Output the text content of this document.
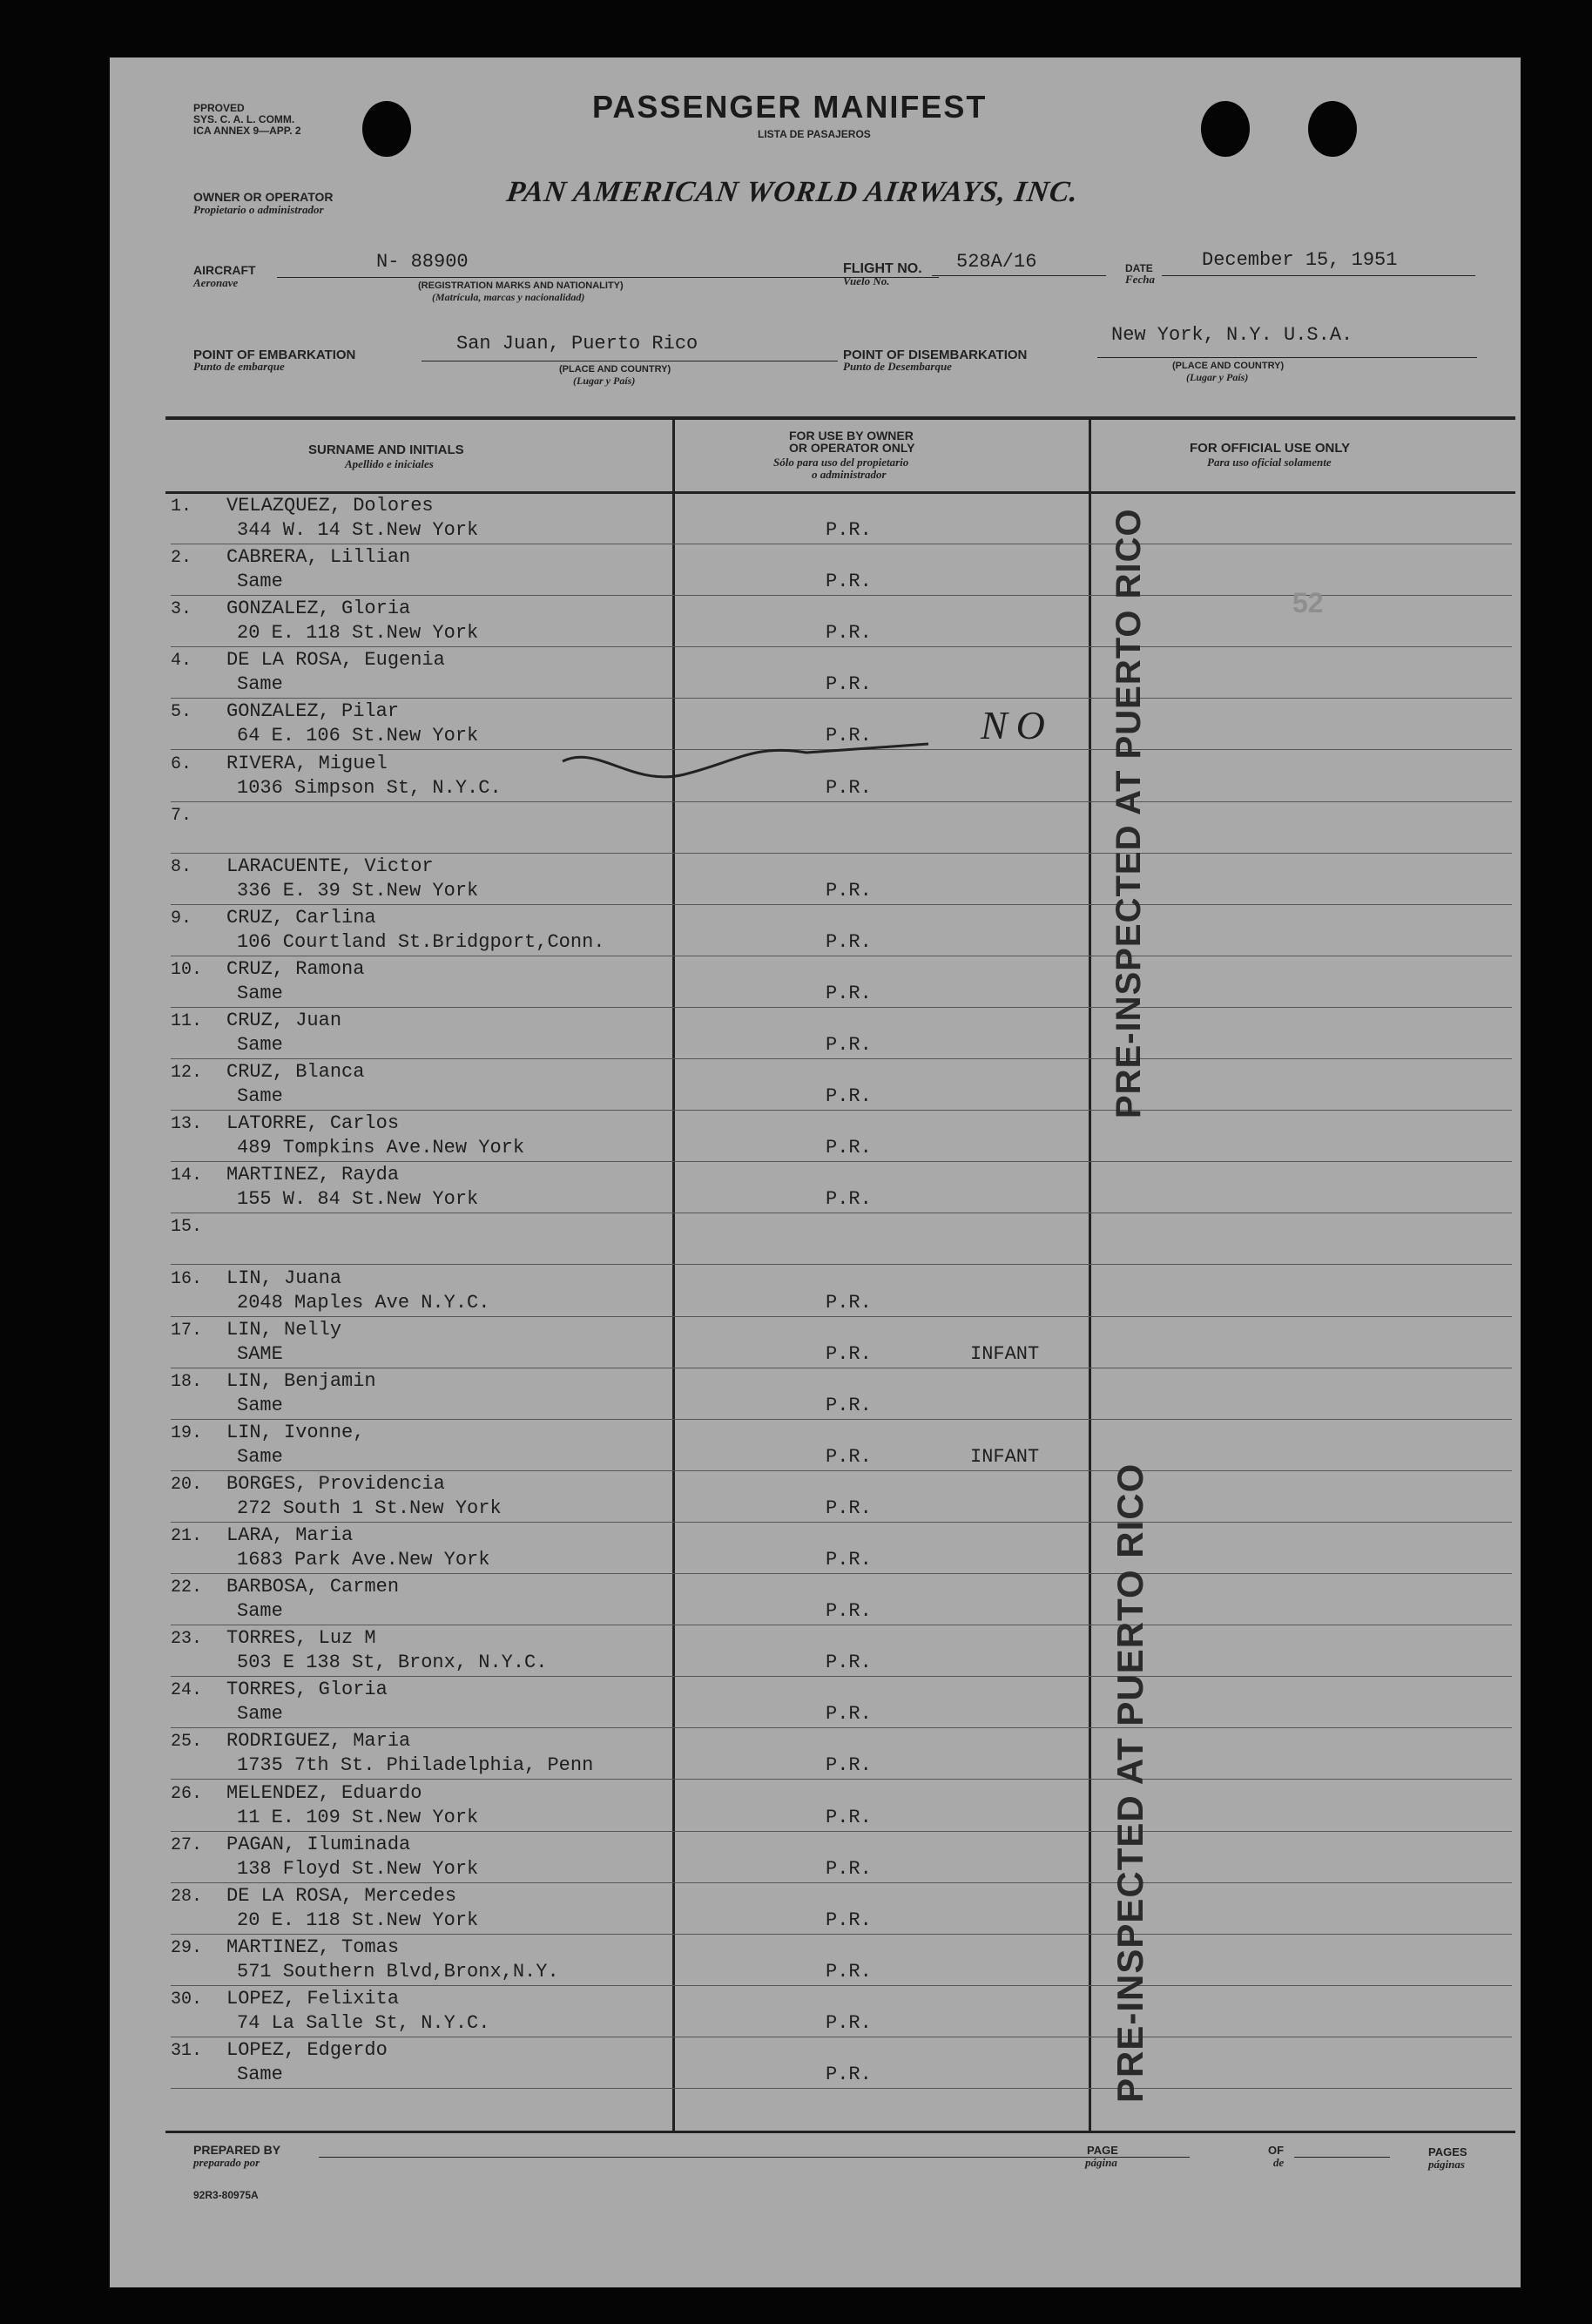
PPROVED
SYS. C. A. L. COMM.
ICA ANNEX 9—APP. 2
PASSENGER MANIFEST
LISTA DE PASAJEROS
OWNER OR OPERATOR
Propietario o administrador
PAN AMERICAN WORLD AIRWAYS, INC.
AIRCRAFT
Aeronave
N- 88900
(REGISTRATION MARKS AND NATIONALITY)
(Matrícula, marcas y nacionalidad)
FLIGHT NO.
Vuelo No.
528A/16	DATE
Fecha
December 15, 1951
POINT OF EMBARKATION
Punto de embarque
San Juan, Puerto Rico
(PLACE AND COUNTRY)
(Lugar y País)
POINT OF DISEMBARKATION
Punto de Desembarque
New York, N.Y. U.S.A.
(PLACE AND COUNTRY)
(Lugar y País)
SURNAME AND INITIALS
Apellido e iniciales
FOR USE BY OWNER
OR OPERATOR ONLY
Sólo para uso del propietario
o administrador
FOR OFFICIAL USE ONLY
Para uso oficial solamente
1. VELAZQUEZ, Dolores
344 W. 14 St.New York	P.R.
2. CABRERA, Lillian
Same	P.R.
3. GONZALEZ, Gloria
20 E. 118 St.New York	P.R.
4. DE LA ROSA, Eugenia
Same	P.R.
5. GONZALEZ, Pilar
64 E. 106 St.New York	P.R.	NO
6. RIVERA, Miguel
1036 Simpson St, N.Y.C.	P.R.
7.
8. LARACUENTE, Victor
336 E. 39 St.New York	P.R.
9. CRUZ, Carlina
106 Courtland St.Bridgport,Conn.	P.R.
10. CRUZ, Ramona
Same	P.R.
11. CRUZ, Juan
Same	P.R.
12. CRUZ, Blanca
Same	P.R.
13. LATORRE, Carlos
489 Tompkins Ave.New York	P.R.
14. MARTINEZ, Rayda
155 W. 84 St.New York	P.R.
15.
16. LIN, Juana
2048 Maples Ave N.Y.C.	P.R.
17. LIN, Nelly
SAME	P.R.	INFANT
18. LIN, Benjamin
Same	P.R.
19. LIN, Ivonne,
Same	P.R.	INFANT
20. BORGES, Providencia
272 South 1 St.New York	P.R.
21. LARA, Maria
1683 Park Ave.New York	P.R.
22. BARBOSA, Carmen
Same	P.R.
23. TORRES, Luz M
503 E 138 St, Bronx, N.Y.C.	P.R.
24. TORRES, Gloria
Same	P.R.
25. RODRIGUEZ, Maria
1735 7th St. Philadelphia, Penn	P.R.
26. MELENDEZ, Eduardo
11 E. 109 St.New York	P.R.
27. PAGAN, Iluminada
138 Floyd St.New York	P.R.
28. DE LA ROSA, Mercedes
20 E. 118 St.New York	P.R.
29. MARTINEZ, Tomas
571 Southern Blvd,Bronx,N.Y.	P.R.
30. LOPEZ, Felixita
74 La Salle St, N.Y.C.	P.R.
31. LOPEZ, Edgerdo
Same	P.R.
PRE-INSPECTED AT PUERTO RICO
PRE-INSPECTED AT PUERTO RICO
52
PREPARED BY
preparado por
PAGE
página
OF
de
PAGES
páginas
92R3-80975A
